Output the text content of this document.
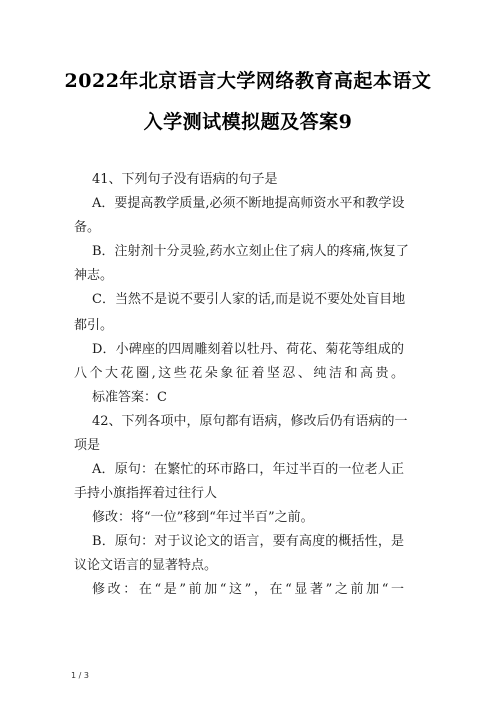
2022年北京语言大学网络教育高起本语文
入学测试模拟题及答案9
41、下列句子没有语病的句子是
A．要提高教学质量,必须不断地提高师资水平和教学设
备。
B．注射剂十分灵验,药水立刻止住了病人的疼痛,恢复了
神志。
C．当然不是说不要引人家的话,而是说不要处处盲目地
都引。
D．小碑座的四周雕刻着以牡丹、荷花、菊花等组成的
八个大花圈,这些花朵象征着坚忍、纯洁和高贵。
标准答案：C
42、下列各项中，原句都有语病，修改后仍有语病的一
项是
A．原句：在繁忙的环市路口，年过半百的一位老人正
手持小旗指挥着过往行人
修改：将“一位”移到“年过半百”之前。
B．原句：对于议论文的语言，要有高度的概括性，是
议论文语言的显著特点。
修改：在“是”前加“这”，在“显著”之前加“一
1 / 3
